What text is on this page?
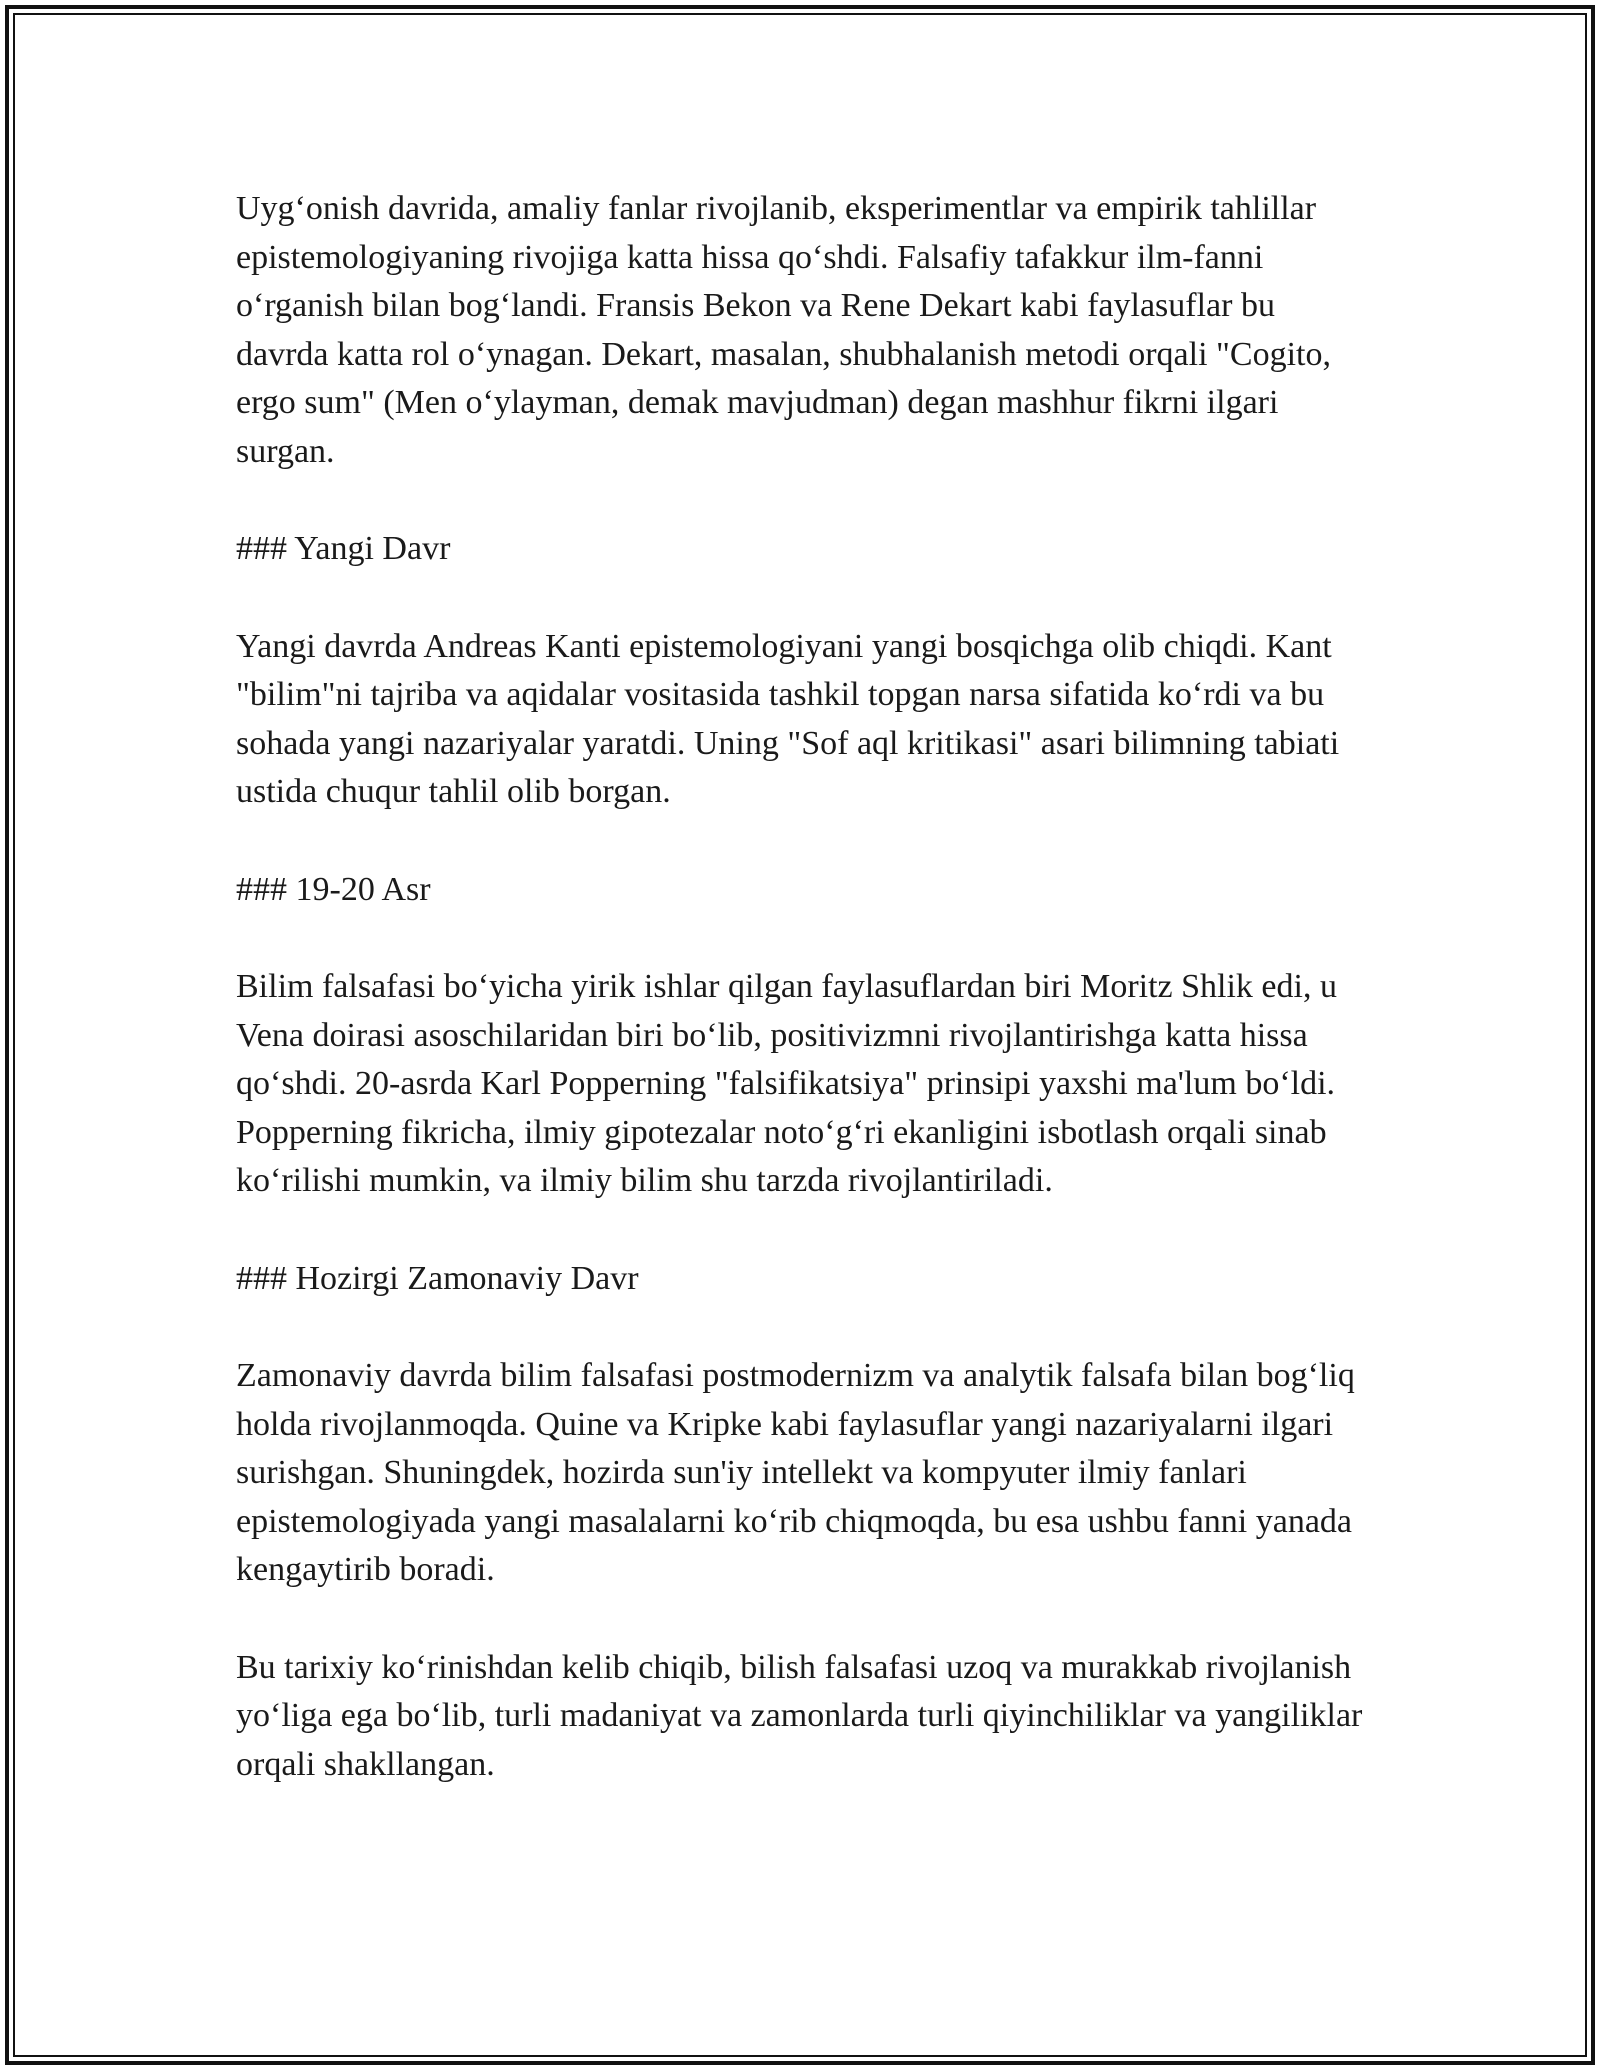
Uyg‘onish davrida, amaliy fanlar rivojlanib, eksperimentlar va empirik tahlillar epistemologiyaning rivojiga katta hissa qo‘shdi. Falsafiy tafakkur ilm-fanni o‘rganish bilan bog‘landi. Fransis Bekon va Rene Dekart kabi faylasuflar bu davrda katta rol o‘ynagan. Dekart, masalan, shubhalanish metodi orqali "Cogito, ergo sum" (Men o‘ylayman, demak mavjudman) degan mashhur fikrni ilgari surgan.

### Yangi Davr

Yangi davrda Andreas Kanti epistemologiyani yangi bosqichga olib chiqdi. Kant "bilim"ni tajriba va aqidalar vositasida tashkil topgan narsa sifatida ko‘rdi va bu sohada yangi nazariyalar yaratdi. Uning "Sof aql kritikasi" asari bilimning tabiati ustida chuqur tahlil olib borgan.

### 19-20 Asr

Bilim falsafasi bo‘yicha yirik ishlar qilgan faylasuflardan biri Moritz Shlik edi, u Vena doirasi asoschilaridan biri bo‘lib, positivizmni rivojlantirishga katta hissa qo‘shdi. 20-asrda Karl Popperning "falsifikatsiya" prinsipi yaxshi ma'lum bo‘ldi. Popperning fikricha, ilmiy gipotezalar noto‘g‘ri ekanligini isbotlash orqali sinab ko‘rilishi mumkin, va ilmiy bilim shu tarzda rivojlantiriladi.

### Hozirgi Zamonaviy Davr

Zamonaviy davrda bilim falsafasi postmodernizm va analytik falsafa bilan bog‘liq holda rivojlanmoqda. Quine va Kripke kabi faylasuflar yangi nazariyalarni ilgari surishgan. Shuningdek, hozirda sun'iy intellekt va kompyuter ilmiy fanlari epistemologiyada yangi masalalarni ko‘rib chiqmoqda, bu esa ushbu fanni yanada kengaytirib boradi.

Bu tarixiy ko‘rinishdan kelib chiqib, bilish falsafasi uzoq va murakkab rivojlanish yo‘liga ega bo‘lib, turli madaniyat va zamonlarda turli qiyinchiliklar va yangiliklar orqali shakllangan.
